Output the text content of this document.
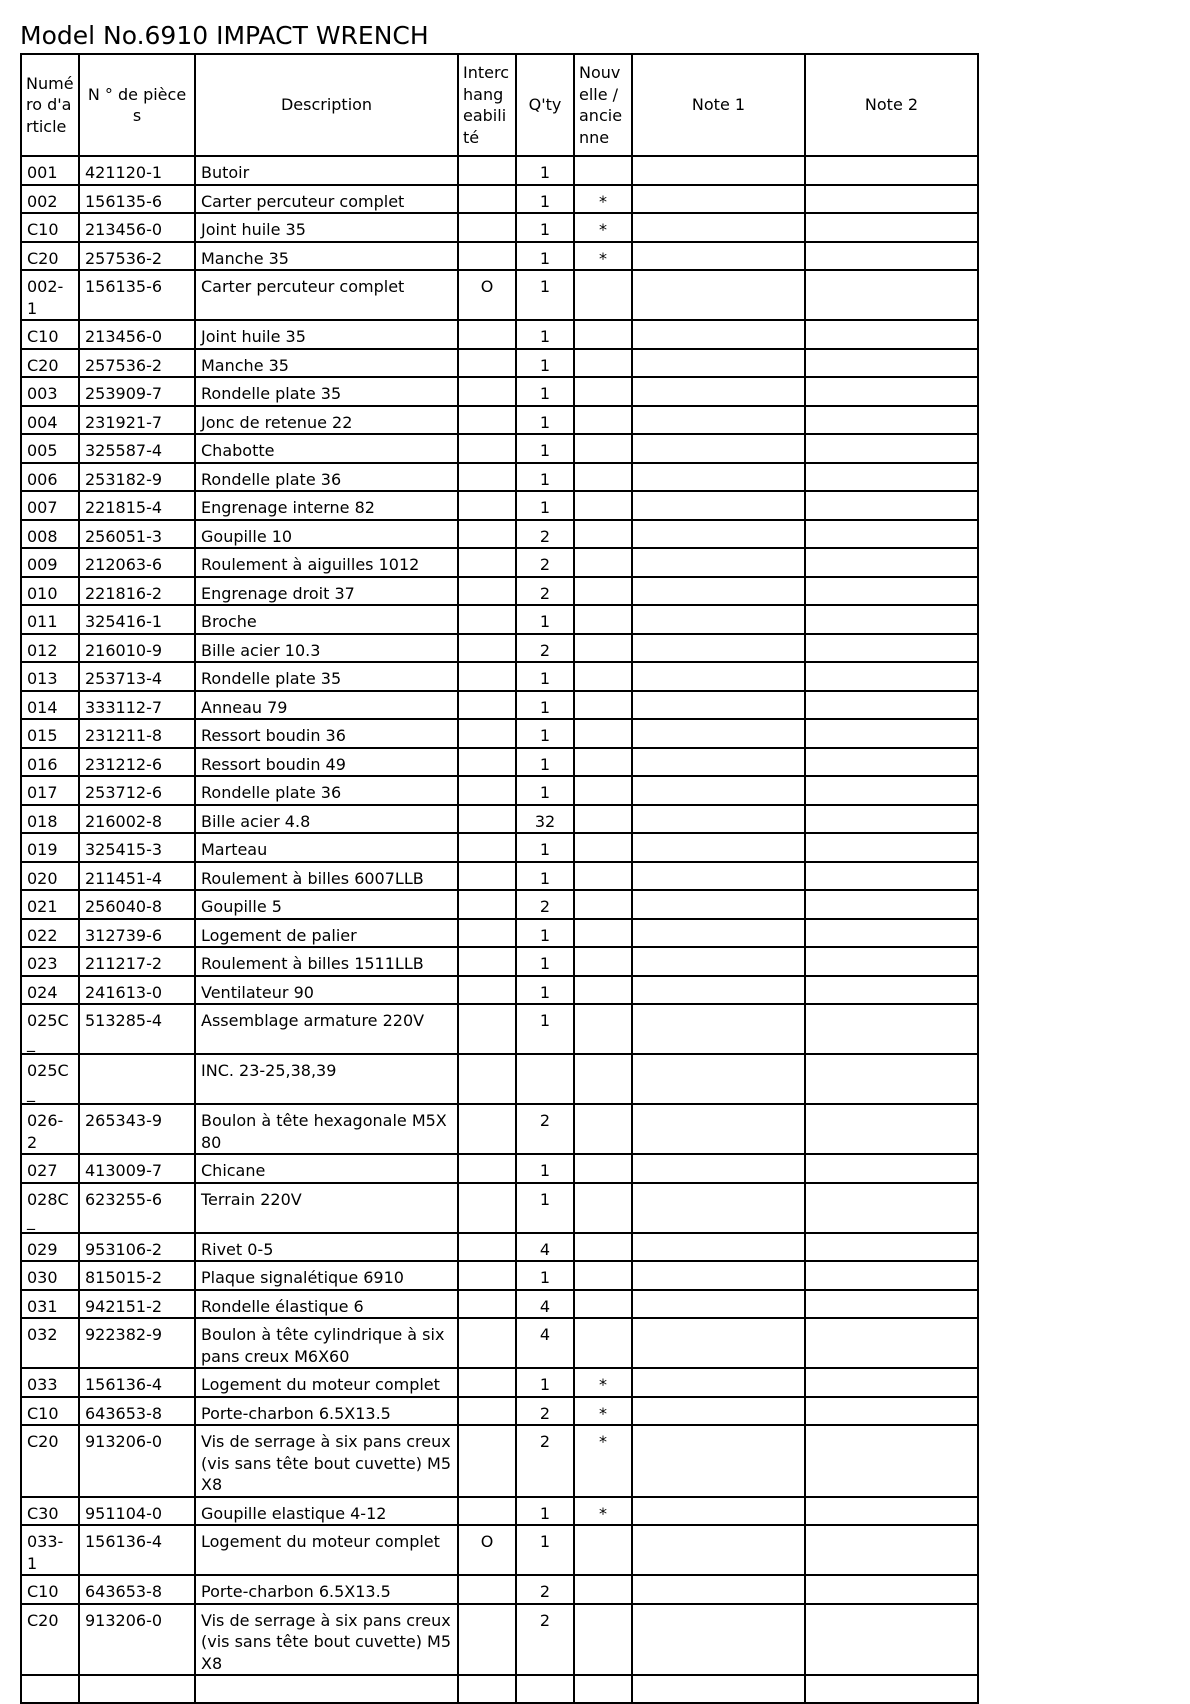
Model No.6910 IMPACT WRENCH
Numéro d'article	N ° de pièces	Description	Interchangeabilité	Q'ty	Nouvelle / ancienne	Note 1	Note 2
001	421120-1	Butoir		1			
002	156135-6	Carter percuteur complet		1	*		
C10	213456-0	Joint huile 35		1	*		
C20	257536-2	Manche 35		1	*		
002-1	156135-6	Carter percuteur complet	O	1			
C10	213456-0	Joint huile 35		1			
C20	257536-2	Manche 35		1			
003	253909-7	Rondelle plate 35		1			
004	231921-7	Jonc de retenue 22		1			
005	325587-4	Chabotte		1			
006	253182-9	Rondelle plate 36		1			
007	221815-4	Engrenage interne 82		1			
008	256051-3	Goupille 10		2			
009	212063-6	Roulement à aiguilles 1012		2			
010	221816-2	Engrenage droit 37		2			
011	325416-1	Broche		1			
012	216010-9	Bille acier 10.3		2			
013	253713-4	Rondelle plate 35		1			
014	333112-7	Anneau 79		1			
015	231211-8	Ressort boudin 36		1			
016	231212-6	Ressort boudin 49		1			
017	253712-6	Rondelle plate 36		1			
018	216002-8	Bille acier 4.8		32			
019	325415-3	Marteau		1			
020	211451-4	Roulement à billes 6007LLB		1			
021	256040-8	Goupille 5		2			
022	312739-6	Logement de palier		1			
023	211217-2	Roulement à billes 1511LLB		1			
024	241613-0	Ventilateur 90		1			
025C_	513285-4	Assemblage armature 220V		1			
025C_		INC. 23-25,38,39					
026-2	265343-9	Boulon à tête hexagonale M5X80		2			
027	413009-7	Chicane		1			
028C_	623255-6	Terrain 220V		1			
029	953106-2	Rivet 0-5		4			
030	815015-2	Plaque signalétique 6910		1			
031	942151-2	Rondelle élastique 6		4			
032	922382-9	Boulon à tête cylindrique à six pans creux M6X60		4			
033	156136-4	Logement du moteur complet		1	*		
C10	643653-8	Porte-charbon 6.5X13.5		2	*		
C20	913206-0	Vis de serrage à six pans creux (vis sans tête bout cuvette) M5X8		2	*		
C30	951104-0	Goupille elastique 4-12		1	*		
033-1	156136-4	Logement du moteur complet	O	1			
C10	643653-8	Porte-charbon 6.5X13.5		2			
C20	913206-0	Vis de serrage à six pans creux (vis sans tête bout cuvette) M5X8		2			
